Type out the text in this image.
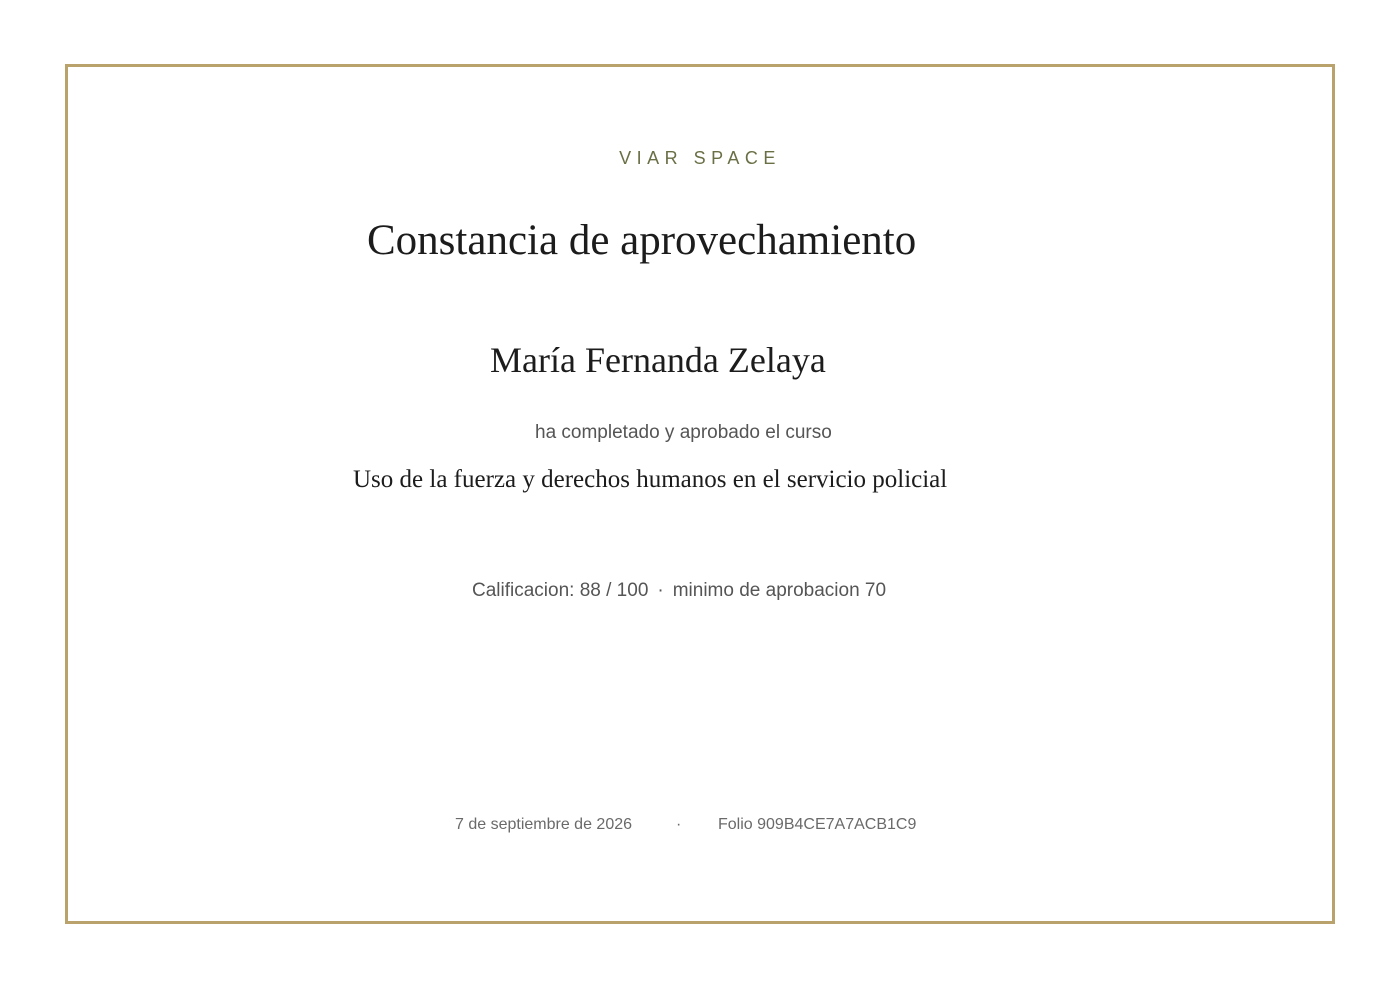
VIAR SPACE
Constancia de aprovechamiento
María Fernanda Zelaya
ha completado y aprobado el curso
Uso de la fuerza y derechos humanos en el servicio policial
Calificacion: 88 / 100 · minimo de aprobacion 70
7 de septiembre de 2026	· Folio 909B4CE7A7ACB1C9
